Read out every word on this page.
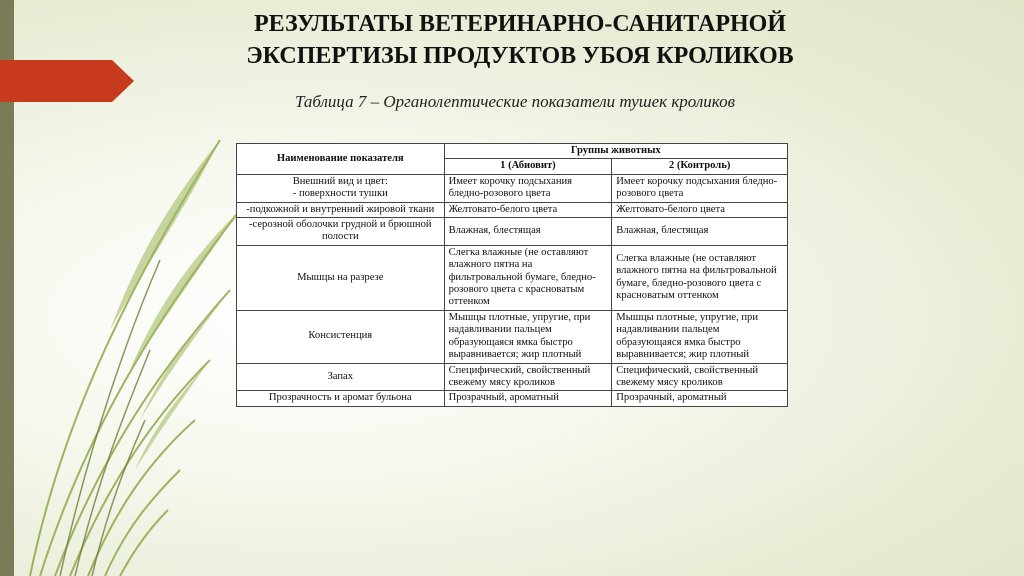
РЕЗУЛЬТАТЫ ВЕТЕРИНАРНО-САНИТАРНОЙ
ЭКСПЕРТИЗЫ ПРОДУКТОВ УБОЯ КРОЛИКОВ
Таблица 7 – Органолептические показатели тушек кроликов
Наименование показателя	Группы животных	
	1 (Абиовит)	2 (Контроль)
Внешний вид и цвет:
- поверхности тушки	Имеет корочку подсыхания бледно-розового цвета	Имеет корочку подсыхания бледно-розового цвета
-подкожной и внутренний жировой ткани	Желтовато-белого цвета	Желтовато-белого цвета
-серозной оболочки грудной и брюшной полости	Влажная, блестящая	Влажная, блестящая
Мышцы на разрезе	Слегка влажные (не оставляют влажного пятна на фильтровальной бумаге, бледно-розового цвета с красноватым оттенком	Слегка влажные (не оставляют влажного пятна на фильтровальной бумаге, бледно-розового цвета с красноватым оттенком
Консистенция	Мышцы плотные, упругие, при надавливании пальцем образующаяся ямка быстро выравнивается; жир плотный	Мышцы плотные, упругие, при надавливании пальцем образующаяся ямка быстро выравнивается; жир плотный
Запах	Специфический, свойственный свежему мясу кроликов	Специфический, свойственный свежему мясу кроликов
Прозрачность и аромат бульона	Прозрачный, ароматный	Прозрачный, ароматный
